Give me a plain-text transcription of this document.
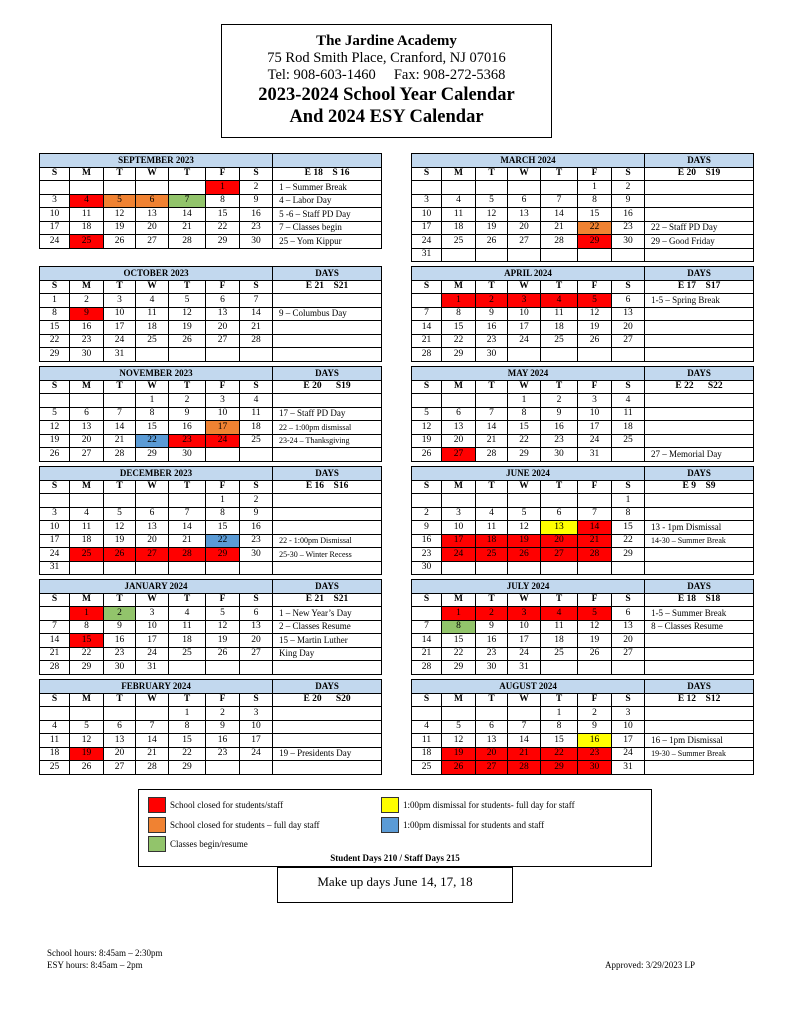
The Jardine Academy
75 Rod Smith Place, Cranford, NJ 07016
Tel: 908-603-1460     Fax: 908-272-5368
2023-2024 School Year Calendar
And 2024 ESY Calendar
SEPTEMBER 2023							
S	M	T	W	T	F	S	E 18    S 16
					1	2	1 – Summer Break
3	4	5	6	7	8	9	4 – Labor Day
10	11	12	13	14	15	16	5 -6 – Staff PD Day
17	18	19	20	21	22	23	7 – Classes begin
24	25	26	27	28	29	30	25 – Yom Kippur
OCTOBER 2023							DAYS
S	M	T	W	T	F	S	E 21    S21
1	2	3	4	5	6	7	
8	9	10	11	12	13	14	9 – Columbus Day
15	16	17	18	19	20	21	
22	23	24	25	26	27	28	
29	30	31					
NOVEMBER 2023							DAYS
S	M	T	W	T	F	S	E 20      S19
			1	2	3	4	
5	6	7	8	9	10	11	17 – Staff PD Day
12	13	14	15	16	17	18	22 – 1:00pm dismissal
19	20	21	22	23	24	25	23-24 – Thanksgiving
26	27	28	29	30			
DECEMBER 2023							DAYS
S	M	T	W	T	F	S	E 16    S16
					1	2	
3	4	5	6	7	8	9	
10	11	12	13	14	15	16	
17	18	19	20	21	22	23	22 - 1:00pm Dismissal
24	25	26	27	28	29	30	25-30 – Winter Recess
31							
JANUARY 2024							DAYS
S	M	T	W	T	F	S	E 21    S21
	1	2	3	4	5	6	1 – New Year’s Day
7	8	9	10	11	12	13	2 – Classes Resume
14	15	16	17	18	19	20	15 – Martin Luther
21	22	23	24	25	26	27	King Day
28	29	30	31				
FEBRUARY 2024							DAYS
S	M	T	W	T	F	S	E 20      S20
				1	2	3	
4	5	6	7	8	9	10	
11	12	13	14	15	16	17	
18	19	20	21	22	23	24	19 – Presidents Day
25	26	27	28	29			
MARCH 2024							DAYS
S	M	T	W	T	F	S	E 20    S19
					1	2	
3	4	5	6	7	8	9	
10	11	12	13	14	15	16	
17	18	19	20	21	22	23	22 – Staff PD Day
24	25	26	27	28	29	30	29 – Good Friday
31							
APRIL 2024							DAYS
S	M	T	W	T	F	S	E 17    S17
	1	2	3	4	5	6	1-5 – Spring Break
7	8	9	10	11	12	13	
14	15	16	17	18	19	20	
21	22	23	24	25	26	27	
28	29	30					
MAY 2024							DAYS
S	M	T	W	T	F	S	E 22      S22
			1	2	3	4	
5	6	7	8	9	10	11	
12	13	14	15	16	17	18	
19	20	21	22	23	24	25	
26	27	28	29	30	31		27 – Memorial Day
JUNE 2024							DAYS
S	M	T	W	T	F	S	E 9    S9
						1	
2	3	4	5	6	7	8	
9	10	11	12	13	14	15	13 - 1pm Dismissal
16	17	18	19	20	21	22	14-30 – Summer Break
23	24	25	26	27	28	29	
30							
JULY 2024							DAYS
S	M	T	W	T	F	S	E 18    S18
	1	2	3	4	5	6	1-5 – Summer Break
7	8	9	10	11	12	13	8 – Classes Resume
14	15	16	17	18	19	20	
21	22	23	24	25	26	27	
28	29	30	31				
AUGUST 2024							DAYS
S	M	T	W	T	F	S	E 12    S12
				1	2	3	
4	5	6	7	8	9	10	
11	12	13	14	15	16	17	16 – 1pm Dismissal
18	19	20	21	22	23	24	19-30 – Summer Break
25	26	27	28	29	30	31	
School closed for students/staff
School closed for students – full day staff
Classes begin/resume
1:00pm dismissal for students- full day for staff
1:00pm dismissal for students and staff
Student Days 210 / Staff Days 215
Make up days June 14, 17, 18
School hours: 8:45am – 2:30pm
ESY hours: 8:45am – 2pm	Approved: 3/29/2023 LP
